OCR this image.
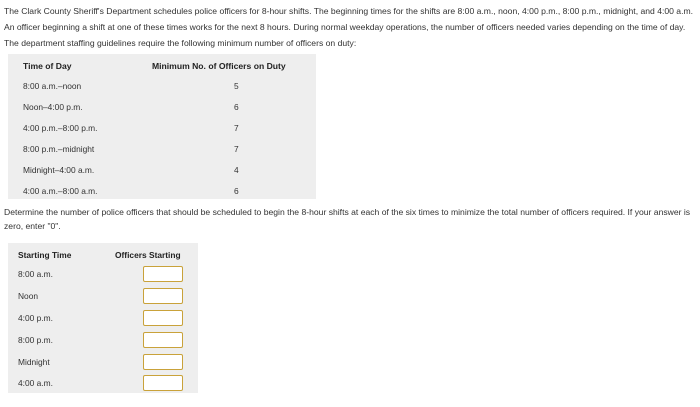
The Clark County Sheriff's Department schedules police officers for 8-hour shifts. The beginning times for the shifts are 8:00 a.m., noon, 4:00 p.m., 8:00 p.m., midnight, and 4:00 a.m. An officer beginning a shift at one of these times works for the next 8 hours. During normal weekday operations, the number of officers needed varies depending on the time of day. The department staffing guidelines require the following minimum number of officers on duty:
Time of Day	Minimum No. of Officers on Duty
8:00 a.m.–noon	5
Noon–4:00 p.m.	6
4:00 p.m.–8:00 p.m.	7
8:00 p.m.–midnight	7
Midnight–4:00 a.m.	4
4:00 a.m.–8:00 a.m.	6
Determine the number of police officers that should be scheduled to begin the 8-hour shifts at each of the six times to minimize the total number of officers required. If your answer is zero, enter "0".
Starting Time	Officers Starting
8:00 a.m.
Noon
4:00 p.m.
8:00 p.m.
Midnight
4:00 a.m.
